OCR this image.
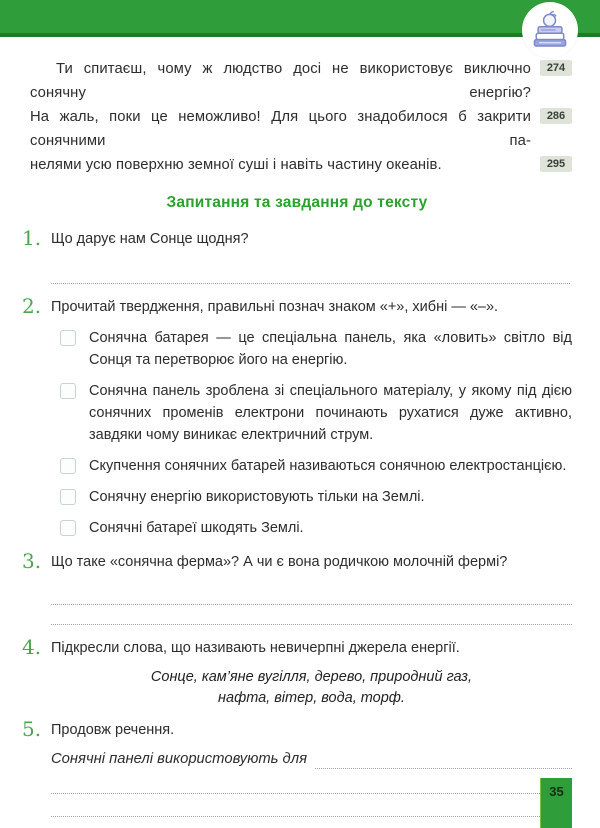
Ти спитаєш, чому ж людство досі не використовує виключно сонячну енергію?
274
На жаль, поки це неможливо! Для цього знадобилося б закрити сонячними па-
286
нелями усю поверхню земної суші і навіть частину океанів.	295
Запитання та завдання до тексту
1. Що дарує нам Сонце щодня?
2. Прочитай твердження, правильні познач знаком «+», хибні — «–».
Сонячна батарея — це спеціальна панель, яка «ловить» світло від Сонця та перетворює його на енергію.
Сонячна панель зроблена зі спеціального матеріалу, у якому під дією сонячних променів електрони починають рухатися дуже активно, завдяки чому виникає електричний струм.
Скупчення сонячних батарей називаються сонячною електростанцією.
Сонячну енергію використовують тільки на Землі.
Сонячні батареї шкодять Землі.
3. Що таке «сонячна ферма»? А чи є вона родичкою молочній фермі?
4. Підкресли слова, що називають невичерпні джерела енергії.
Сонце, кам’яне вугілля, дерево, природний газ,
нафта, вітер, вода, торф.
5. Продовж речення.
Сонячні панелі використовують для
35
